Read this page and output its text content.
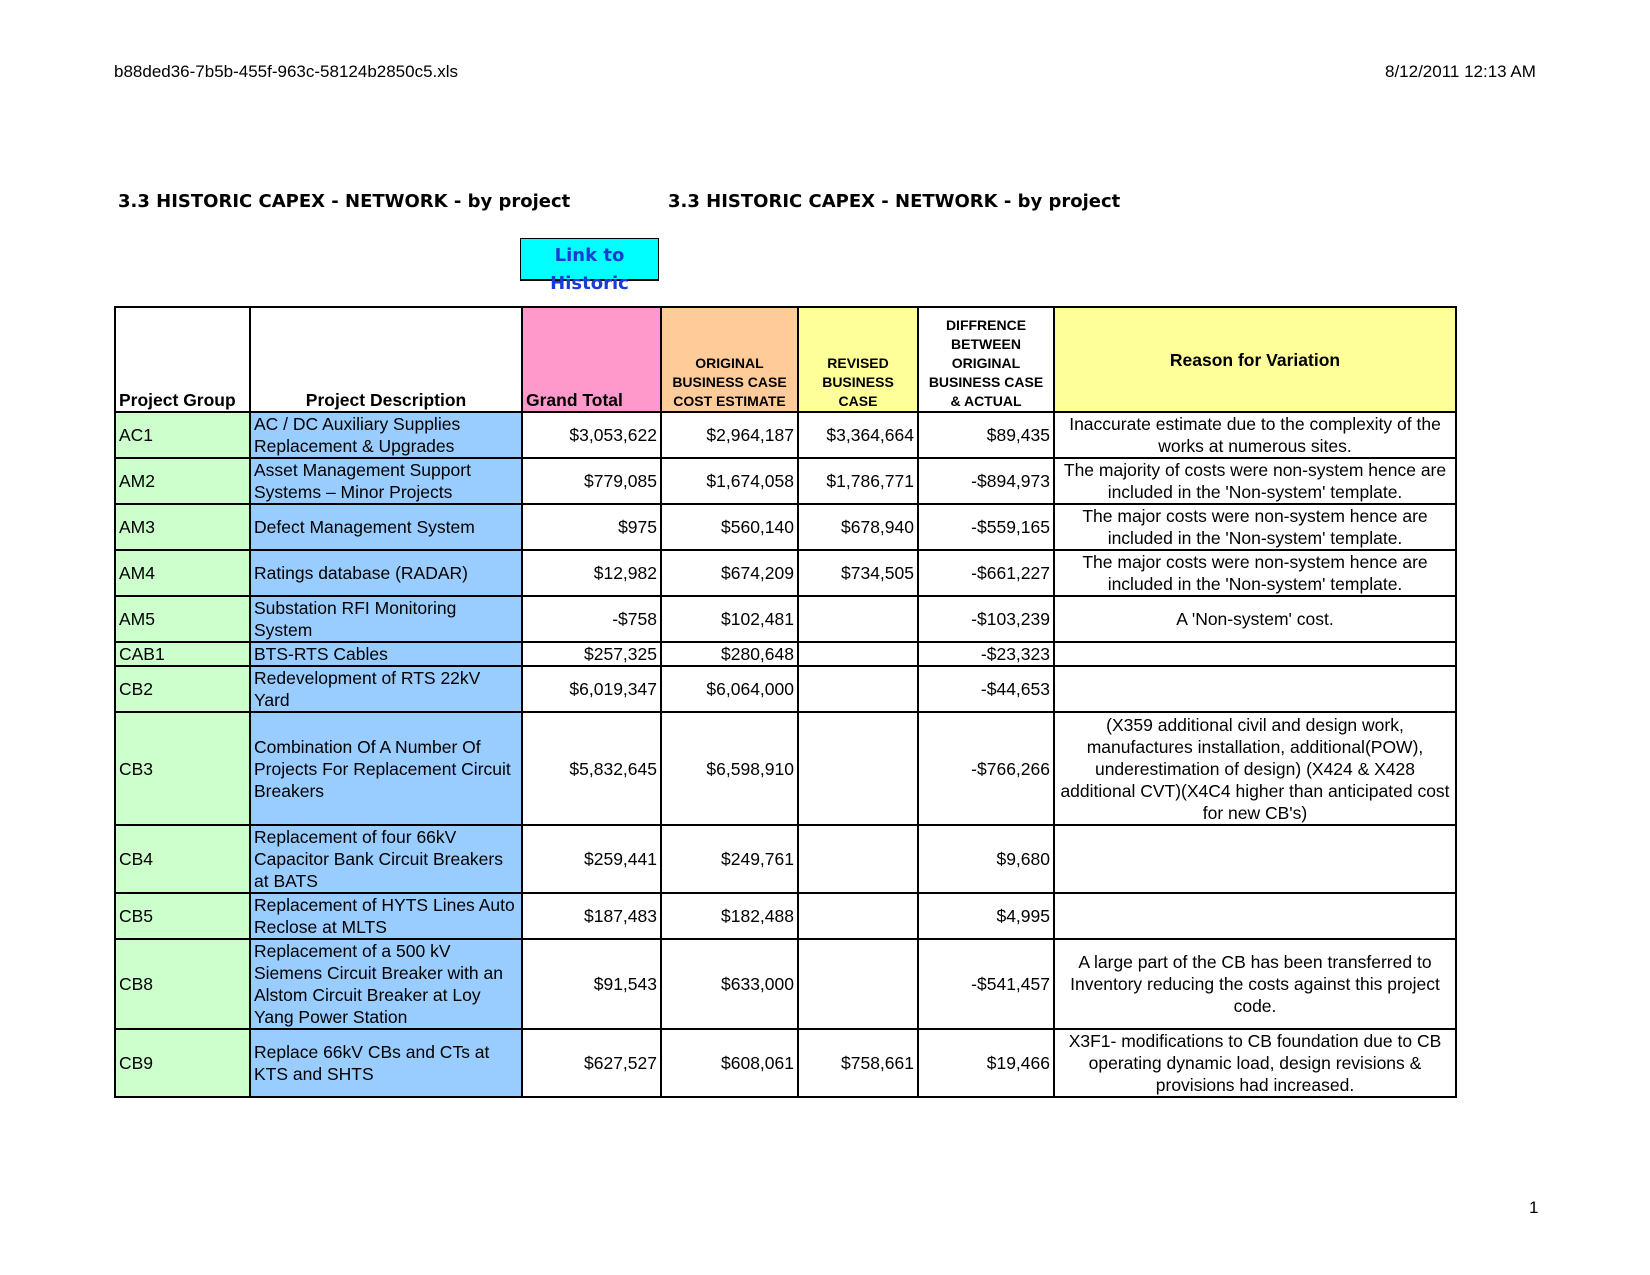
b88ded36-7b5b-455f-963c-58124b2850c5.xls	8/12/2011 12:13 AM
3.3 HISTORIC CAPEX - NETWORK - by project	3.3 HISTORIC CAPEX - NETWORK - by project
Link to Historic
Project Group	Project Description	Grand Total	ORIGINAL BUSINESS CASE COST ESTIMATE	REVISED BUSINESS CASE	DIFFRENCE BETWEEN ORIGINAL BUSINESS CASE & ACTUAL	Reason for Variation
AC1	AC / DC Auxiliary Supplies Replacement & Upgrades	$3,053,622	$2,964,187	$3,364,664	$89,435	Inaccurate estimate due to the complexity of the works at numerous sites.
AM2	Asset Management Support Systems – Minor Projects	$779,085	$1,674,058	$1,786,771	-$894,973	The majority of costs were non-system hence are included in the 'Non-system' template.
AM3	Defect Management System	$975	$560,140	$678,940	-$559,165	The major costs were non-system hence are included in the 'Non-system' template.
AM4	Ratings database (RADAR)	$12,982	$674,209	$734,505	-$661,227	The major costs were non-system hence are included in the 'Non-system' template.
AM5	Substation RFI Monitoring System	-$758	$102,481		-$103,239	A 'Non-system' cost.
CAB1	BTS-RTS Cables	$257,325	$280,648		-$23,323	
CB2	Redevelopment of RTS 22kV Yard	$6,019,347	$6,064,000		-$44,653	
CB3	Combination Of A Number Of Projects For Replacement Circuit Breakers	$5,832,645	$6,598,910		-$766,266	(X359 additional civil and design work, manufactures installation, additional(POW), underestimation of design) (X424 & X428 additional CVT)(X4C4 higher than anticipated cost for new CB's)
CB4	Replacement of four 66kV Capacitor Bank Circuit Breakers at BATS	$259,441	$249,761		$9,680	
CB5	Replacement of HYTS Lines Auto Reclose at MLTS	$187,483	$182,488		$4,995	
CB8	Replacement of a 500 kV Siemens Circuit Breaker with an Alstom Circuit Breaker at Loy Yang Power Station	$91,543	$633,000		-$541,457	A large part of the CB has been transferred to Inventory reducing the costs against this project code.
CB9	Replace 66kV CBs and CTs at KTS and SHTS	$627,527	$608,061	$758,661	$19,466	X3F1- modifications to CB foundation due to CB operating dynamic load, design revisions & provisions had increased.
1
